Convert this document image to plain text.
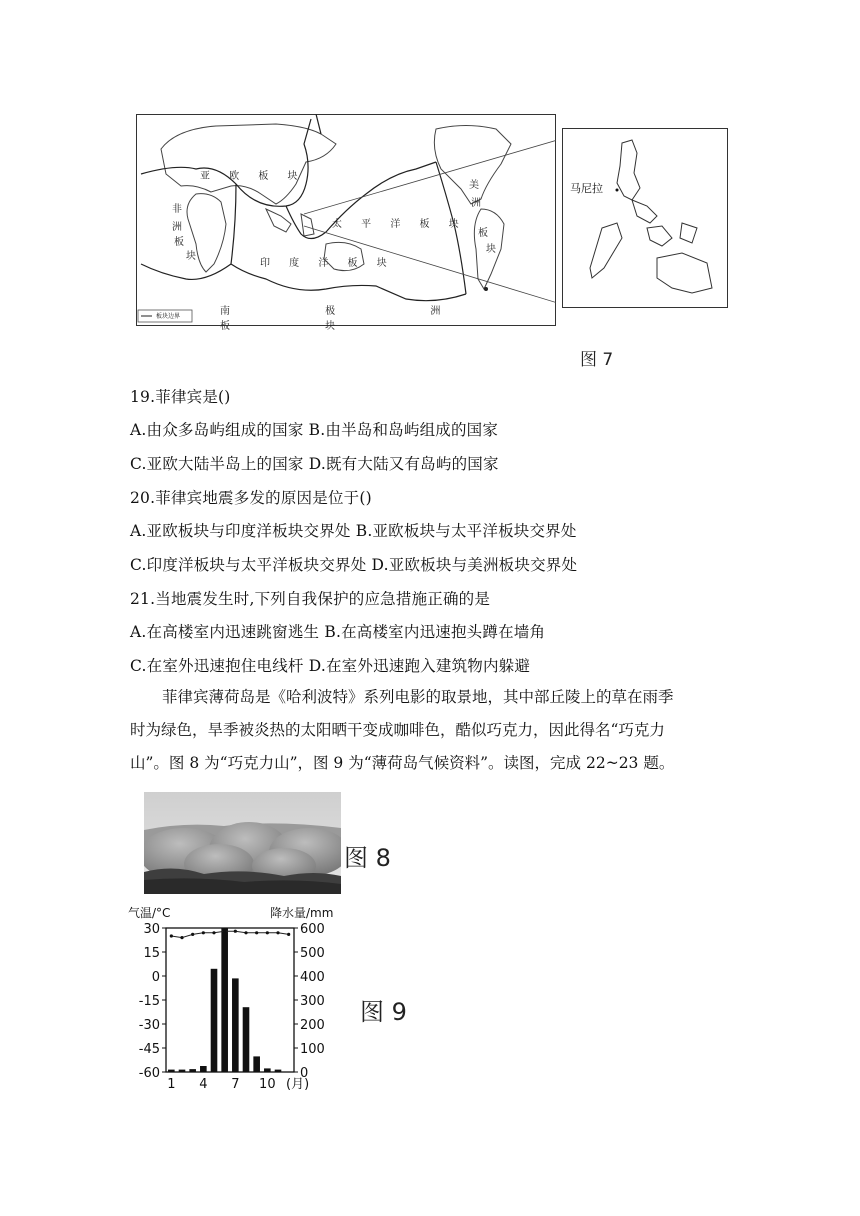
板块边界
亚 欧 板 块
非
洲
板
块
太 平 洋 板 块
印 度 洋 板 块
美
洲
板
块
南 极 洲 板 块
马尼拉
图 7
19.菲律宾是()
A.由众多岛屿组成的国家 B.由半岛和岛屿组成的国家
C.亚欧大陆半岛上的国家 D.既有大陆又有岛屿的国家
20.菲律宾地震多发的原因是位于()
A.亚欧板块与印度洋板块交界处 B.亚欧板块与太平洋板块交界处
C.印度洋板块与太平洋板块交界处 D.亚欧板块与美洲板块交界处
21.当地震发生时,下列自我保护的应急措施正确的是
A.在高楼室内迅速跳窗逃生 B.在高楼室内迅速抱头蹲在墙角
C.在室外迅速抱住电线杆 D.在室外迅速跑入建筑物内躲避

菲律宾薄荷岛是《哈利波特》系列电影的取景地，其中部丘陵上的草在雨季

时为绿色，旱季被炎热的太阳晒干变成咖啡色，酷似巧克力，因此得名“巧克力

山”。图 8 为“巧克力山”，图 9 为“薄荷岛气候资料”。读图，完成 22~23 题。

图 8
气温/°C	降水量/mm
30
15
0
-15
-30
-45
-60
600
500
400
300
200
100
0
1 4 7 10 (月)
图 9
